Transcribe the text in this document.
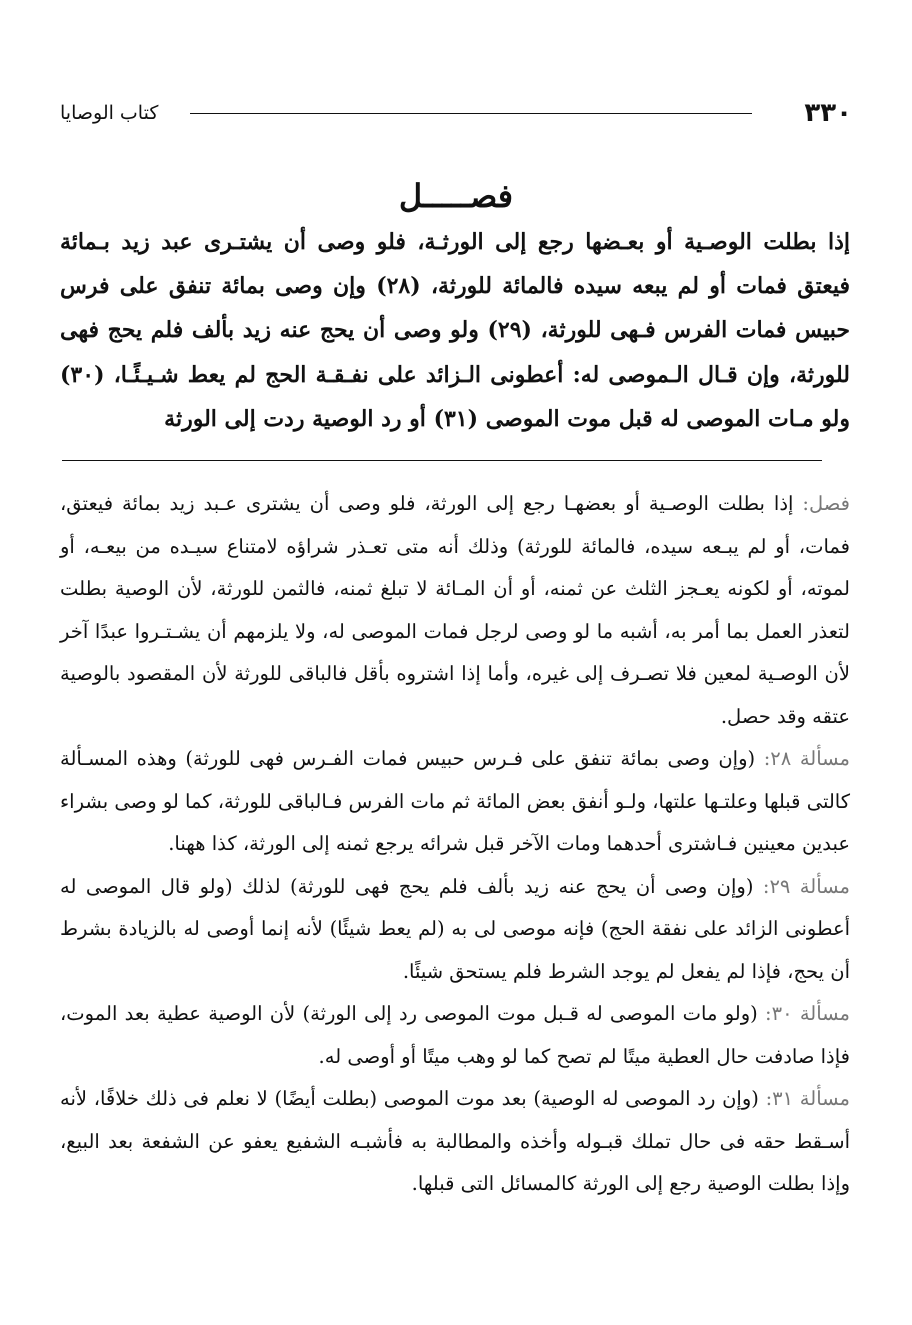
٣٣٠
كتاب الوصايا
فصـــــل
إذا بطلت الوصـية أو بعـضها رجع إلى الورثـة، فلو وصى أن يشتـرى عبد زيد بـمائة فيعتق فمات أو لم يبعه سيده فالمائة للورثة، (٢٨) وإن وصى بمائة تنفق على فرس حبيس فمات الفرس فـهى للورثة، (٢٩) ولو وصى أن يحج عنه زيد بألف فلم يحج فهى للورثة، وإن قـال الـموصى له: أعطونى الـزائد على نفـقـة الحج لم يعط شـيـئًـا، (٣٠) ولو مـات الموصى له قبل موت الموصى (٣١) أو رد الوصية ردت إلى الورثة

فصل: إذا بطلت الوصـية أو بعضهـا رجع إلى الورثة، فلو وصى أن يشترى عـبد زيد بمائة فيعتق، فمات، أو لم يبـعه سيده، فالمائة للورثة) وذلك أنه متى تعـذر شراؤه لامتناع سيـده من بيعـه، أو لموته، أو لكونه يعـجز الثلث عن ثمنه، أو أن المـائة لا تبلغ ثمنه، فالثمن للورثة، لأن الوصية بطلت لتعذر العمل بما أمر به، أشبه ما لو وصى لرجل فمات الموصى له، ولا يلزمهم أن يشـتـروا عبدًا آخر لأن الوصـية لمعين فلا تصـرف إلى غيره، وأما إذا اشتروه بأقل فالباقى للورثة لأن المقصود بالوصية عتقه وقد حصل.

مسألة ٢٨: (وإن وصى بمائة تنفق على فـرس حبيس فمات الفـرس فهى للورثة) وهذه المسـألة كالتى قبلها وعلتـها علتها، ولـو أنفق بعض المائة ثم مات الفرس فـالباقى للورثة، كما لو وصى بشراء عبدين معينين فـاشترى أحدهما ومات الآخر قبل شرائه يرجع ثمنه إلى الورثة، كذا ههنا.

مسألة ٢٩: (وإن وصى أن يحج عنه زيد بألف فلم يحج فهى للورثة) لذلك (ولو قال الموصى له أعطونى الزائد على نفقة الحج) فإنه موصى لى به (لم يعط شيئًا) لأنه إنما أوصى له بالزيادة بشرط أن يحج، فإذا لم يفعل لم يوجد الشرط فلم يستحق شيئًا.

مسألة ٣٠: (ولو مات الموصى له قـبل موت الموصى رد إلى الورثة) لأن الوصية عطية بعد الموت، فإذا صادفت حال العطية ميتًا لم تصح كما لو وهب ميتًا أو أوصى له.

مسألة ٣١: (وإن رد الموصى له الوصية) بعد موت الموصى (بطلت أيضًا) لا نعلم فى ذلك خلافًا، لأنه أسـقط حقه فى حال تملك قبـوله وأخذه والمطالبة به فأشبـه الشفيع يعفو عن الشفعة بعد البيع، وإذا بطلت الوصية رجع إلى الورثة كالمسائل التى قبلها.
